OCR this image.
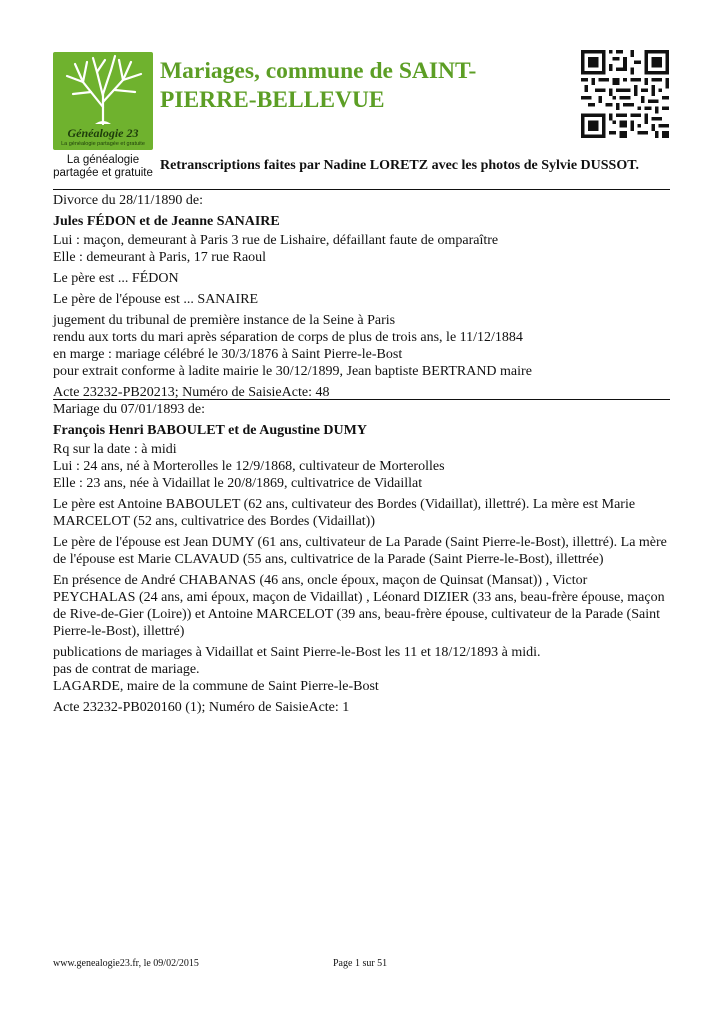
Généalogie 23
La généalogie partagée et gratuite
La généalogie
partagée et gratuite
Mariages, commune de SAINT-
PIERRE-BELLEVUE
Retranscriptions faites par Nadine LORETZ avec les photos de Sylvie DUSSOT.

Divorce du 28/11/1890 de:

Jules FÉDON et de Jeanne SANAIRE

Lui : maçon, demeurant à Paris 3 rue de Lishaire, défaillant faute de omparaître

Elle : demeurant à Paris, 17 rue Raoul

Le père est ... FÉDON

Le père de l'épouse est ... SANAIRE

jugement du tribunal de première instance de la Seine à Paris

rendu aux torts du mari après séparation de corps de plus de trois ans, le 11/12/1884

en marge : mariage célébré le 30/3/1876 à Saint Pierre-le-Bost

pour extrait conforme à ladite mairie le 30/12/1899, Jean baptiste BERTRAND maire

Acte 23232-PB20213; Numéro de SaisieActe: 48

Mariage du 07/01/1893 de:

François Henri BABOULET et de Augustine DUMY

Rq sur la date : à midi

Lui : 24 ans, né à Morterolles le 12/9/1868, cultivateur de Morterolles

Elle : 23 ans, née à Vidaillat le 20/8/1869, cultivatrice de Vidaillat

Le père est Antoine BABOULET (62 ans, cultivateur des Bordes (Vidaillat), illettré). La mère est Marie MARCELOT (52 ans, cultivatrice des Bordes (Vidaillat))

Le père de l'épouse est Jean DUMY (61 ans, cultivateur de La Parade (Saint Pierre-le-Bost), illettré). La mère de l'épouse est Marie CLAVAUD (55 ans, cultivatrice de la Parade (Saint Pierre-le-Bost), illettrée)

En présence de André CHABANAS (46 ans, oncle époux, maçon de Quinsat (Mansat)) , Victor PEYCHALAS (24 ans, ami époux, maçon de Vidaillat) , Léonard DIZIER (33 ans, beau-frère épouse, maçon de Rive-de-Gier (Loire)) et Antoine MARCELOT (39 ans, beau-frère épouse, cultivateur de la Parade (Saint Pierre-le-Bost), illettré)

publications de mariages à Vidaillat et Saint Pierre-le-Bost les 11 et 18/12/1893 à midi.

pas de contrat de mariage.

LAGARDE, maire de la commune de Saint Pierre-le-Bost

Acte 23232-PB020160 (1); Numéro de SaisieActe: 1

www.genealogie23.fr, le 09/02/2015	Page 1 sur 51
